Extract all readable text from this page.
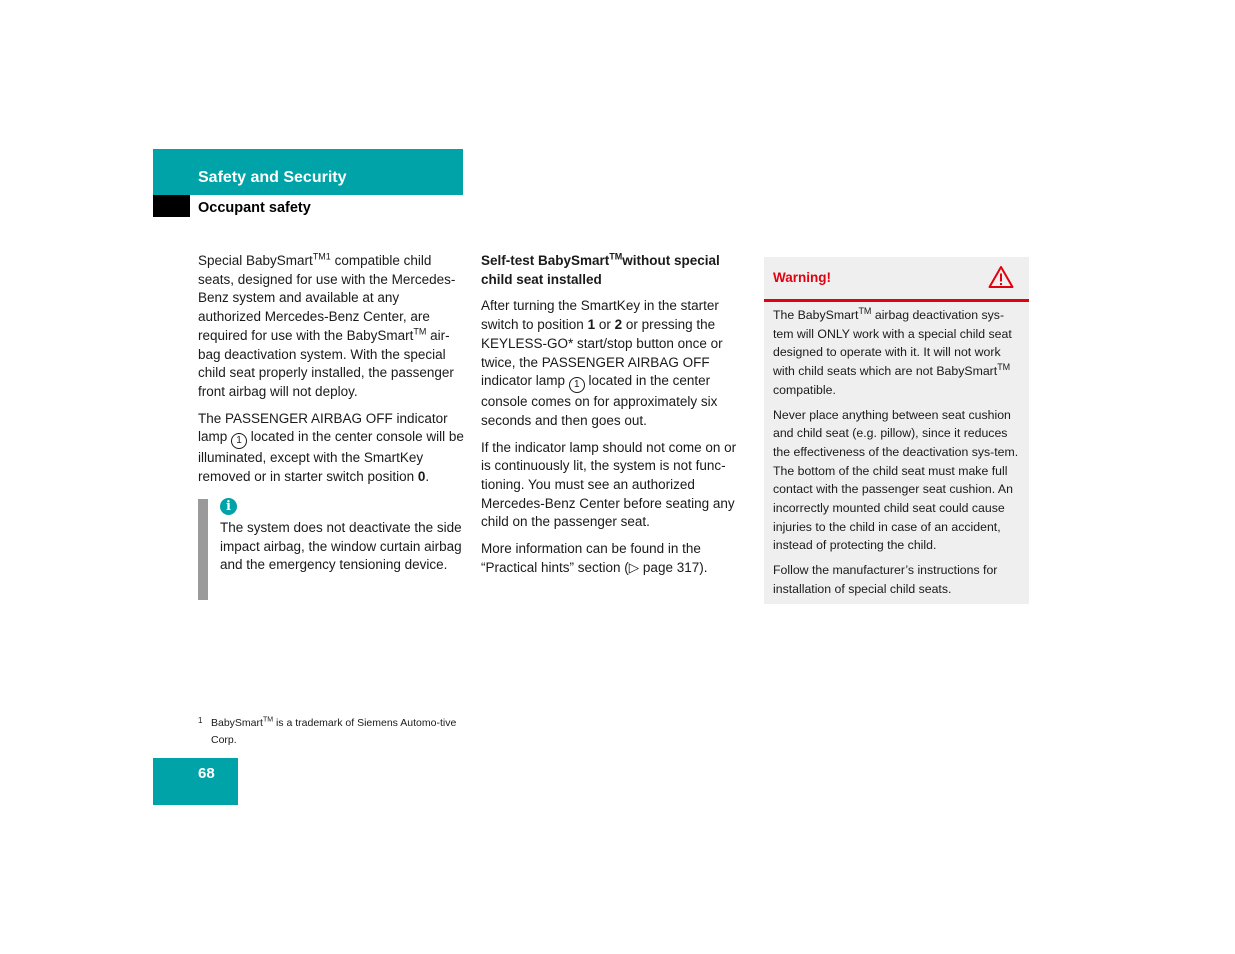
Safety and Security
Occupant safety

Special BabySmart$^{TM1}$ compatible child seats, designed for use with the Mercedes-Benz system and available at any authorized Mercedes-Benz Center, are required for use with the BabySmart™ air-bag deactivation system. With the special child seat properly installed, the passenger front airbag will not deploy.

The PASSENGER AIRBAG OFF indicator lamp 1 located in the center console will be illuminated, except with the SmartKey removed or in starter switch position 0.

i
The system does not deactivate the side impact airbag, the window curtain airbag and the emergency tensioning device.

Self-test BabySmart™without special child seat installed

After turning the SmartKey in the starter switch to position 1 or 2 or pressing the KEYLESS-GO* start/stop button once or twice, the PASSENGER AIRBAG OFF indicator lamp 1 located in the center console comes on for approximately six seconds and then goes out.

If the indicator lamp should not come on or is continuously lit, the system is not func-tioning. You must see an authorized Mercedes-Benz Center before seating any child on the passenger seat.

More information can be found in the “Practical hints” section (▷ page 317).

Warning!

The BabySmart™ airbag deactivation sys-tem will ONLY work with a special child seat designed to operate with it. It will not work with child seats which are not BabySmart™ compatible.

Never place anything between seat cushion and child seat (e.g. pillow), since it reduces the effectiveness of the deactivation sys-tem. The bottom of the child seat must make full contact with the passenger seat cushion. An incorrectly mounted child seat could cause injuries to the child in case of an accident, instead of protecting the child.

Follow the manufacturer’s instructions for installation of special child seats.

1 BabySmart™ is a trademark of Siemens Automo-tive Corp.
68
